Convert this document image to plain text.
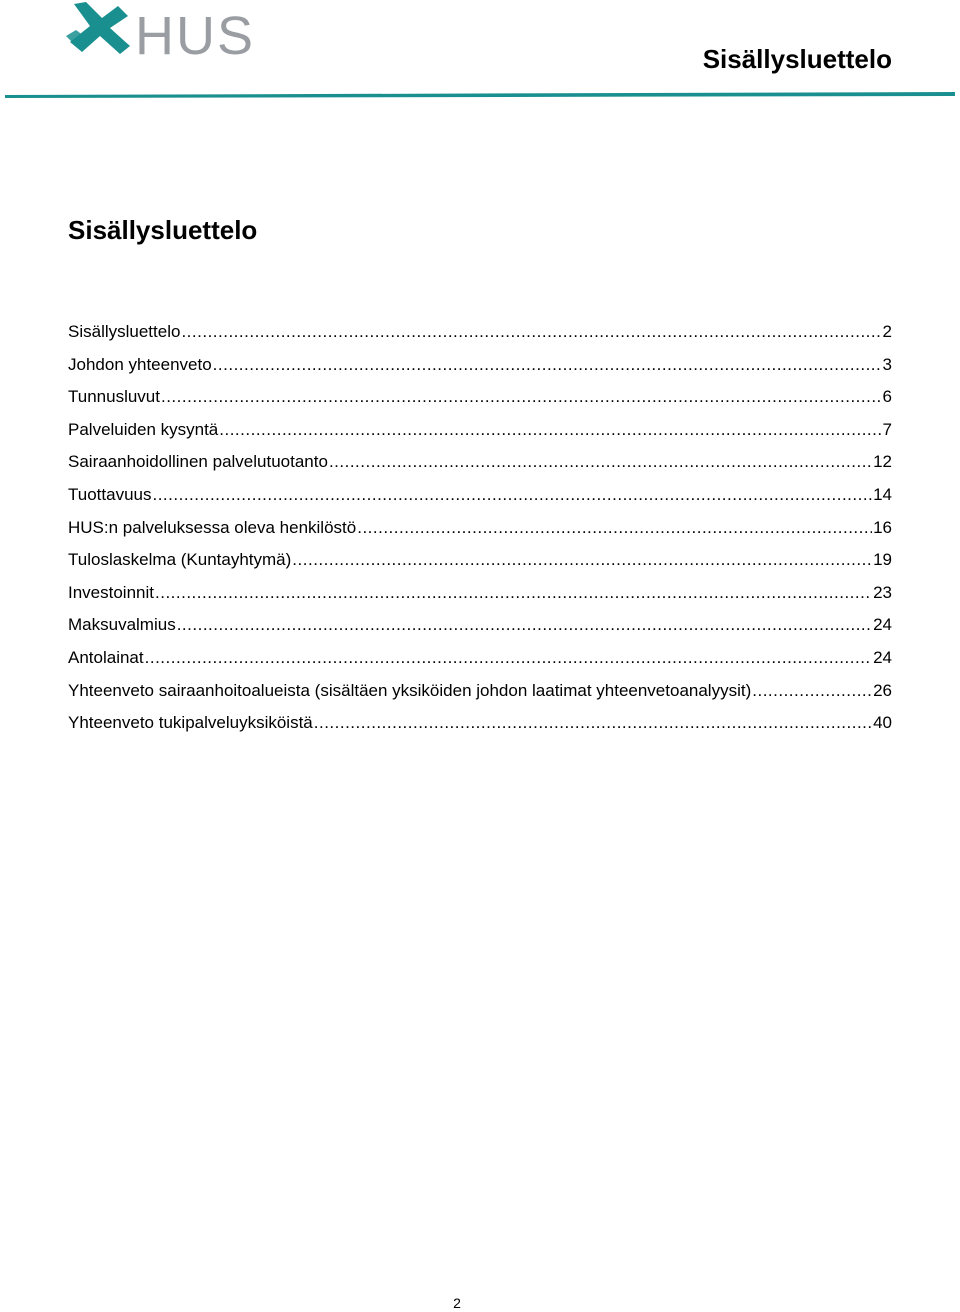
HUS	Sisällysluettelo
Sisällysluettelo
Sisällysluettelo .....	2
Johdon yhteenveto .....	3
Tunnusluvut .....	6
Palveluiden kysyntä .....	7
Sairaanhoidollinen palvelutuotanto .....	12
Tuottavuus .....	14
HUS:n palveluksessa oleva henkilöstö .....	16
Tuloslaskelma (Kuntayhtymä) .....	19
Investoinnit .....	23
Maksuvalmius .....	24
Antolainat .....	24
Yhteenveto sairaanhoitoalueista (sisältäen yksiköiden johdon laatimat yhteenvetoanalyysit) .....	26
Yhteenveto tukipalveluyksiköistä .....	40
2
